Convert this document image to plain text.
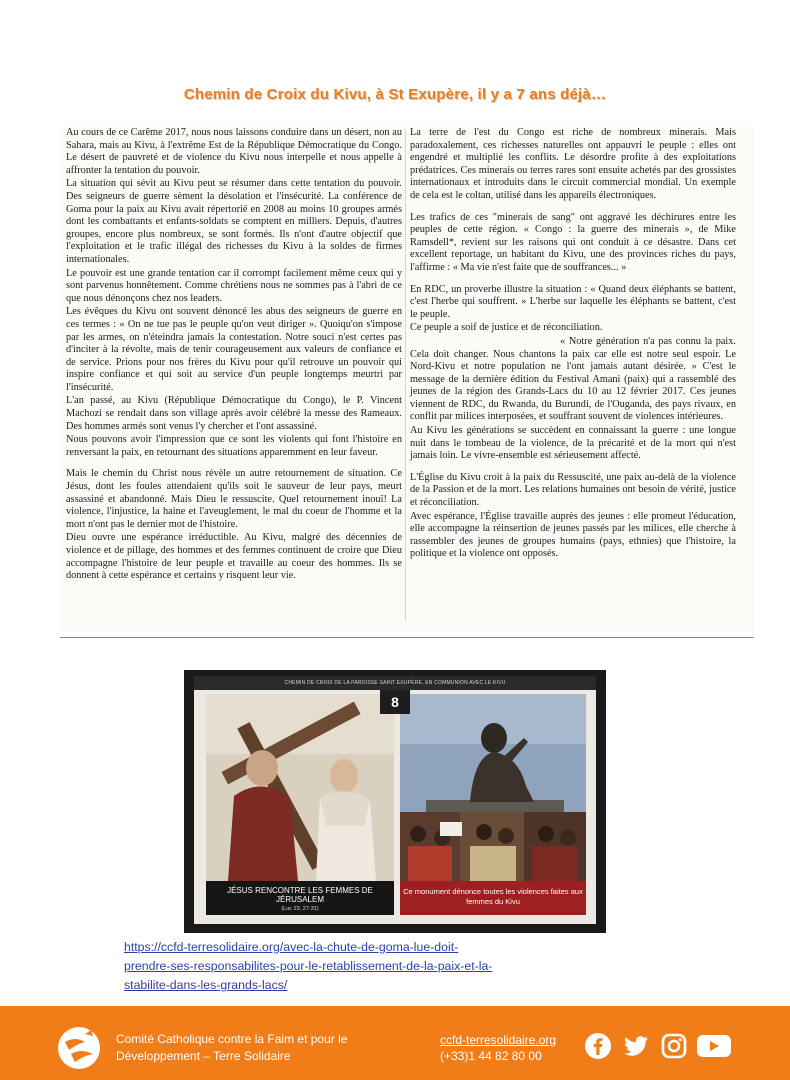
Chemin de Croix du Kivu, à St Exupère, il y a 7 ans déjà…

Au cours de ce Carême 2017, nous nous laissons conduire dans un désert, non au Sahara, mais au Kivu, à l'extrême Est de la République Démocratique du Congo. Le désert de pauvreté et de violence du Kivu nous interpelle et nous appelle à affronter la tentation du pouvoir.

La situation qui sévit au Kivu peut se résumer dans cette tentation du pouvoir. Des seigneurs de guerre sèment la désolation et l'insécurité. La conférence de Goma pour la paix au Kivu avait répertorié en 2008 au moins 10 groupes armés dont les combattants et enfants-soldats se comptent en milliers. Depuis, d'autres groupes, encore plus nombreux, se sont formés. Ils n'ont d'autre objectif que l'exploitation et le trafic illégal des richesses du Kivu à la soldes de firmes internationales.

Le pouvoir est une grande tentation car il corrompt facilement même ceux qui y sont parvenus honnêtement. Comme chrétiens nous ne sommes pas à l'abri de ce que nous dénonçons chez nos leaders.

Les évêques du Kivu ont souvent dénoncé les abus des seigneurs de guerre en ces termes : « On ne tue pas le peuple qu'on veut diriger ». Quoiqu'on s'impose par les armes, on n'éteindra jamais la contestation. Notre souci n'est certes pas d'inciter à la révolte, mais de tenir courageusement aux valeurs de confiance et de service. Prions pour nos frères du Kivu pour qu'il retrouve un pouvoir qui inspire confiance et qui soit au service d'un peuple longtemps meurtri par l'insécurité.

L'an passé, au Kivu (République Démocratique du Congo), le P. Vincent Machozi se rendait dans son village après avoir célébré la messe des Rameaux. Des hommes armés sont venus l'y chercher et l'ont assassiné.

Nous pouvons avoir l'impression que ce sont les violents qui font l'histoire en renversant la paix, en retournant des situations apparemment en leur faveur.

Mais le chemin du Christ nous révèle un autre retournement de situation. Ce Jésus, dont les foules attendaient qu'ils soit le sauveur de leur pays, meurt assassiné et abandonné. Mais Dieu le ressuscite. Quel retournement inouï! La violence, l'injustice, la haine et l'aveuglement, le mal du coeur de l'homme et la mort n'ont pas le dernier mot de l'histoire.

Dieu ouvre une espérance irréductible. Au Kivu, malgré des décennies de violence et de pillage, des hommes et des femmes continuent de croire que Dieu accompagne l'histoire de leur peuple et travaille au coeur des hommes. Ils se donnent à cette espérance et certains y risquent leur vie.

La terre de l'est du Congo est riche de nombreux minerais. Mais paradoxalement, ces richesses naturelles ont appauvri le peuple : elles ont engendré et multiplié les conflits. Le désordre profite à des exploitations prédatrices. Ces minerais ou terres rares sont ensuite achetés par des grossistes internationaux et introduits dans le circuit commercial mondial. Un exemple de cela est le coltan, utilisé dans les appareils électroniques.

Les trafics de ces "minerais de sang" ont aggravé les déchirures entre les peuples de cette région. « Congo : la guerre des minerais », de Mike Ramsdell*, revient sur les raisons qui ont conduit à ce désastre. Dans cet excellent reportage, un habitant du Kivu, une des provinces riches du pays, l'affirme : « Ma vie n'est faite que de souffrances... »

En RDC, un proverbe illustre la situation : « Quand deux éléphants se battent, c'est l'herbe qui souffrent. » L'herbe sur laquelle les éléphants se battent, c'est le peuple.

Ce peuple a soif de justice et de réconciliation.

« Notre génération n'a pas connu la paix. Cela doit changer. Nous chantons la paix car elle est notre seul espoir. Le Nord-Kivu et notre population ne l'ont jamais autant désirée. » C'est le message de la dernière édition du Festival Amani (paix) qui a rassemblé des jeunes de la région des Grands-Lacs du 10 au 12 février 2017. Ces jeunes viennent de RDC, du Rwanda, du Burundi, de l'Ouganda, des pays rivaux, en conflit par milices interposées, et souffrant souvent de violences intérieures.

Au Kivu les générations se succèdent en connaissant la guerre : une longue nuit dans le tombeau de la violence, de la précarité et de la mort qui n'est jamais loin. Le vivre-ensemble est sérieusement affecté.

L'Église du Kivu croit à la paix du Ressuscité, une paix au-delà de la violence de la Passion et de la mort. Les relations humaines ont besoin de vérité, justice et réconciliation.

Avec espérance, l'Église travaille auprès des jeunes : elle promeut l'éducation, elle accompagne la réinsertion de jeunes passés par les milices, elle cherche à rassembler des jeunes de groupes humains (pays, ethnies) que l'histoire, la politique et la violence ont opposés.

CHEMIN DE CROIX DE LA PAROISSE SAINT EXUPÈRE, EN COMMUNION AVEC LE KIVU
8
JÉSUS RENCONTRE LES FEMMES DE JÉRUSALEM
(Luc 23, 27-31)
Ce monument dénonce toutes les violences faites aux femmes du Kivu
https://ccfd-terresolidaire.org/avec-la-chute-de-goma-lue-doit-
prendre-ses-responsabilites-pour-le-retablissement-de-la-paix-et-la-
stabilite-dans-les-grands-lacs/
Comité Catholique contre la Faim et pour le
Développement – Terre Solidaire
ccfd-terresolidaire.org
(+33)1 44 82 80 00
